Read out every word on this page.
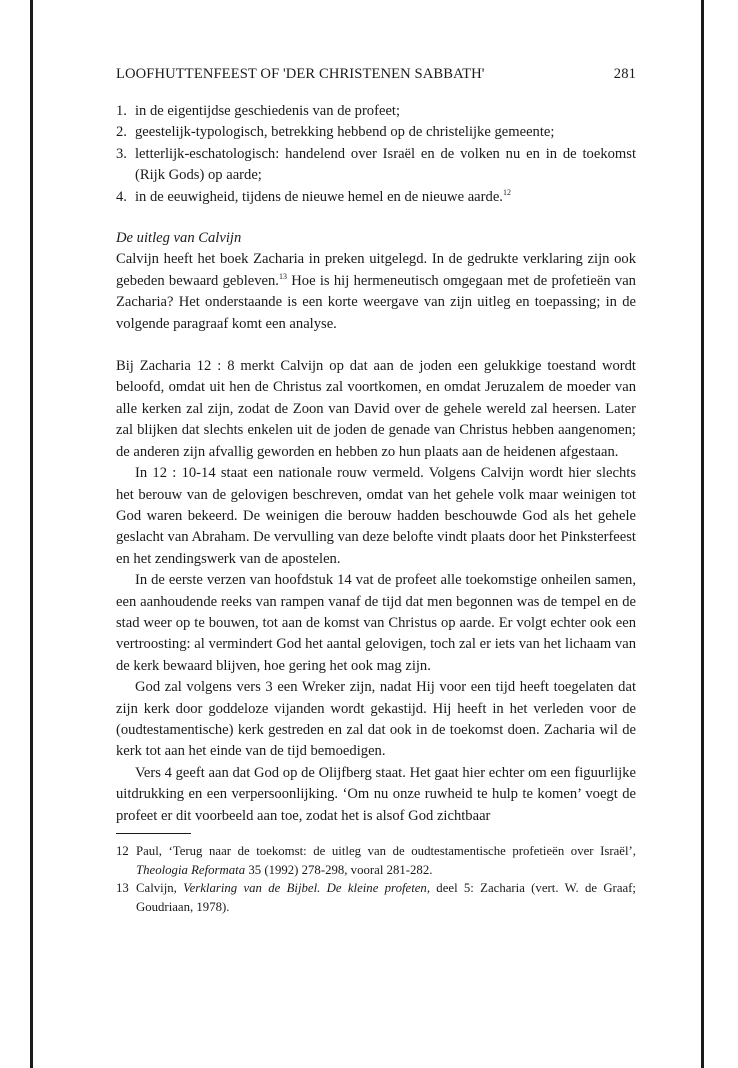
LOOFHUTTENFEEST OF 'DER CHRISTENEN SABBATH'	281
1. in de eigentijdse geschiedenis van de profeet;
2. geestelijk-typologisch, betrekking hebbend op de christelijke gemeente;
3. letterlijk-eschatologisch: handelend over Israël en de volken nu en in de toekomst (Rijk Gods) op aarde;
4. in de eeuwigheid, tijdens de nieuwe hemel en de nieuwe aarde.$^{12}$
De uitleg van Calvijn

Calvijn heeft het boek Zacharia in preken uitgelegd. In de gedrukte verklaring zijn ook gebeden bewaard gebleven.$^{13}$ Hoe is hij hermeneutisch omgegaan met de profetieën van Zacharia? Het onderstaande is een korte weergave van zijn uitleg en toepassing; in de volgende paragraaf komt een analyse.

Bij Zacharia 12 : 8 merkt Calvijn op dat aan de joden een gelukkige toestand wordt beloofd, omdat uit hen de Christus zal voortkomen, en omdat Jeruzalem de moeder van alle kerken zal zijn, zodat de Zoon van David over de gehele wereld zal heersen. Later zal blijken dat slechts enkelen uit de joden de genade van Christus hebben aangenomen; de anderen zijn afvallig geworden en hebben zo hun plaats aan de heidenen afgestaan.

In 12 : 10-14 staat een nationale rouw vermeld. Volgens Calvijn wordt hier slechts het berouw van de gelovigen beschreven, omdat van het gehele volk maar weinigen tot God waren bekeerd. De weinigen die berouw hadden beschouwde God als het gehele geslacht van Abraham. De vervulling van deze belofte vindt plaats door het Pinksterfeest en het zendingswerk van de apostelen.

In de eerste verzen van hoofdstuk 14 vat de profeet alle toekomstige onheilen samen, een aanhoudende reeks van rampen vanaf de tijd dat men begonnen was de tempel en de stad weer op te bouwen, tot aan de komst van Christus op aarde. Er volgt echter ook een vertroosting: al vermindert God het aantal gelovigen, toch zal er iets van het lichaam van de kerk bewaard blijven, hoe gering het ook mag zijn.

God zal volgens vers 3 een Wreker zijn, nadat Hij voor een tijd heeft toegelaten dat zijn kerk door goddeloze vijanden wordt gekastijd. Hij heeft in het verleden voor de (oudtestamentische) kerk gestreden en zal dat ook in de toekomst doen. Zacharia wil de kerk tot aan het einde van de tijd bemoedigen.

Vers 4 geeft aan dat God op de Olijfberg staat. Het gaat hier echter om een figuurlijke uitdrukking en een verpersoonlijking. ‘Om nu onze ruwheid te hulp te komen’ voegt de profeet er dit voorbeeld aan toe, zodat het is alsof God zichtbaar

12 Paul, ‘Terug naar de toekomst: de uitleg van de oudtestamentische profetieën over Israël’, Theologia Reformata 35 (1992) 278-298, vooral 281-282.
13 Calvijn, Verklaring van de Bijbel. De kleine profeten, deel 5: Zacharia (vert. W. de Graaf; Goudriaan, 1978).
